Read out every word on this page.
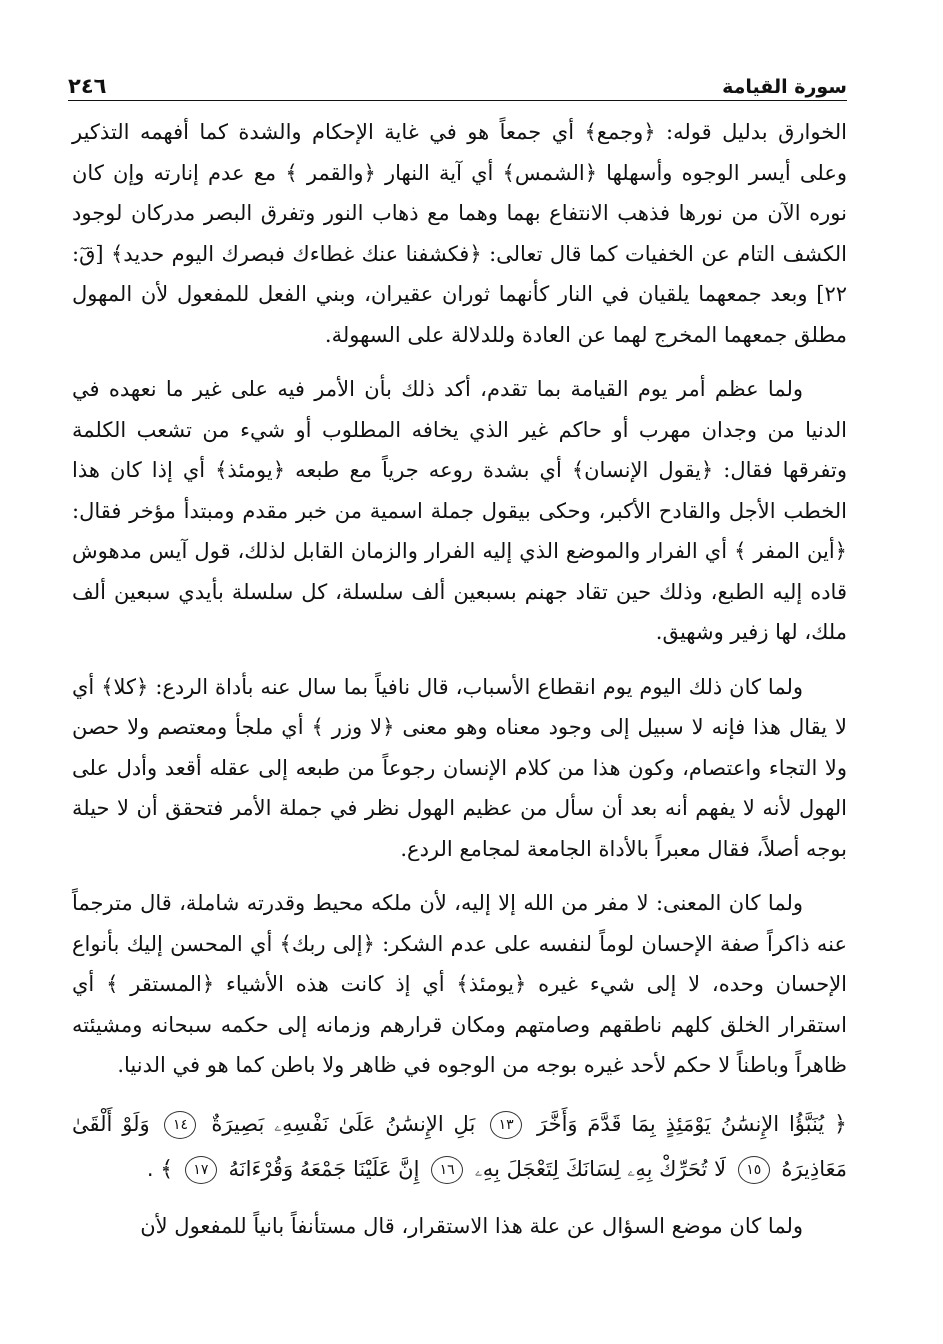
سورة القيامة
٢٤٦

الخوارق بدليل قوله: ﴿وجمع﴾ أي جمعاً هو في غاية الإحكام والشدة كما أفهمه التذكير وعلى أيسر الوجوه وأسهلها ﴿الشمس﴾ أي آية النهار ﴿والقمر ﴾ مع عدم إنارته وإن كان نوره الآن من نورها فذهب الانتفاع بهما وهما مع ذهاب النور وتفرق البصر مدركان لوجود الكشف التام عن الخفيات كما قال تعالى: ﴿فكشفنا عنك غطاءك فبصرك اليوم حديد﴾ [قٓ: ٢٢] وبعد جمعهما يلقيان في النار كأنهما ثوران عقيران، وبني الفعل للمفعول لأن المهول مطلق جمعهما المخرج لهما عن العادة وللدلالة على السهولة.

ولما عظم أمر يوم القيامة بما تقدم، أكد ذلك بأن الأمر فيه على غير ما نعهده في الدنيا من وجدان مهرب أو حاكم غير الذي يخافه المطلوب أو شيء من تشعب الكلمة وتفرقها فقال: ﴿يقول الإنسان﴾ أي بشدة روعه جرياً مع طبعه ﴿يومئذ﴾ أي إذا كان هذا الخطب الأجل والقادح الأكبر، وحكى بيقول جملة اسمية من خبر مقدم ومبتدأ مؤخر فقال: ﴿أين المفر ﴾ أي الفرار والموضع الذي إليه الفرار والزمان القابل لذلك، قول آيس مدهوش قاده إليه الطبع، وذلك حين تقاد جهنم بسبعين ألف سلسلة، كل سلسلة بأيدي سبعين ألف ملك، لها زفير وشهيق.

ولما كان ذلك اليوم يوم انقطاع الأسباب، قال نافياً بما سال عنه بأداة الردع: ﴿كلا﴾ أي لا يقال هذا فإنه لا سبيل إلى وجود معناه وهو معنى ﴿لا وزر ﴾ أي ملجأ ومعتصم ولا حصن ولا التجاء واعتصام، وكون هذا من كلام الإنسان رجوعاً من طبعه إلى عقله أقعد وأدل على الهول لأنه لا يفهم أنه بعد أن سأل من عظيم الهول نظر في جملة الأمر فتحقق أن لا حيلة بوجه أصلاً، فقال معبراً بالأداة الجامعة لمجامع الردع.

ولما كان المعنى: لا مفر من الله إلا إليه، لأن ملكه محيط وقدرته شاملة، قال مترجماً عنه ذاكراً صفة الإحسان لوماً لنفسه على عدم الشكر: ﴿إلى ربك﴾ أي المحسن إليك بأنواع الإحسان وحده، لا إلى شيء غيره ﴿يومئذ﴾ أي إذ كانت هذه الأشياء ﴿المستقر ﴾ أي استقرار الخلق كلهم ناطقهم وصامتهم ومكان قرارهم وزمانه إلى حكمه سبحانه ومشيئته ظاهراً وباطناً لا حكم لأحد غيره بوجه من الوجوه في ظاهر ولا باطن كما هو في الدنيا.

﴿ يُنَبَّؤُا الإِنسَٰنُ يَوْمَئِذٍ بِمَا قَدَّمَ وَأَخَّرَ ١٣ بَلِ الإِنسَٰنُ عَلَىٰ نَفْسِهِۦ بَصِيرَةٌ ١٤ وَلَوْ أَلْقَىٰ مَعَاذِيرَهُ ١٥ لَا تُحَرِّكْ بِهِۦ لِسَانَكَ لِتَعْجَلَ بِهِۦ ١٦ إِنَّ عَلَيْنَا جَمْعَهُ وَقُرْءَانَهُ ١٧ ﴾ .

ولما كان موضع السؤال عن علة هذا الاستقرار، قال مستأنفاً بانياً للمفعول لأن
